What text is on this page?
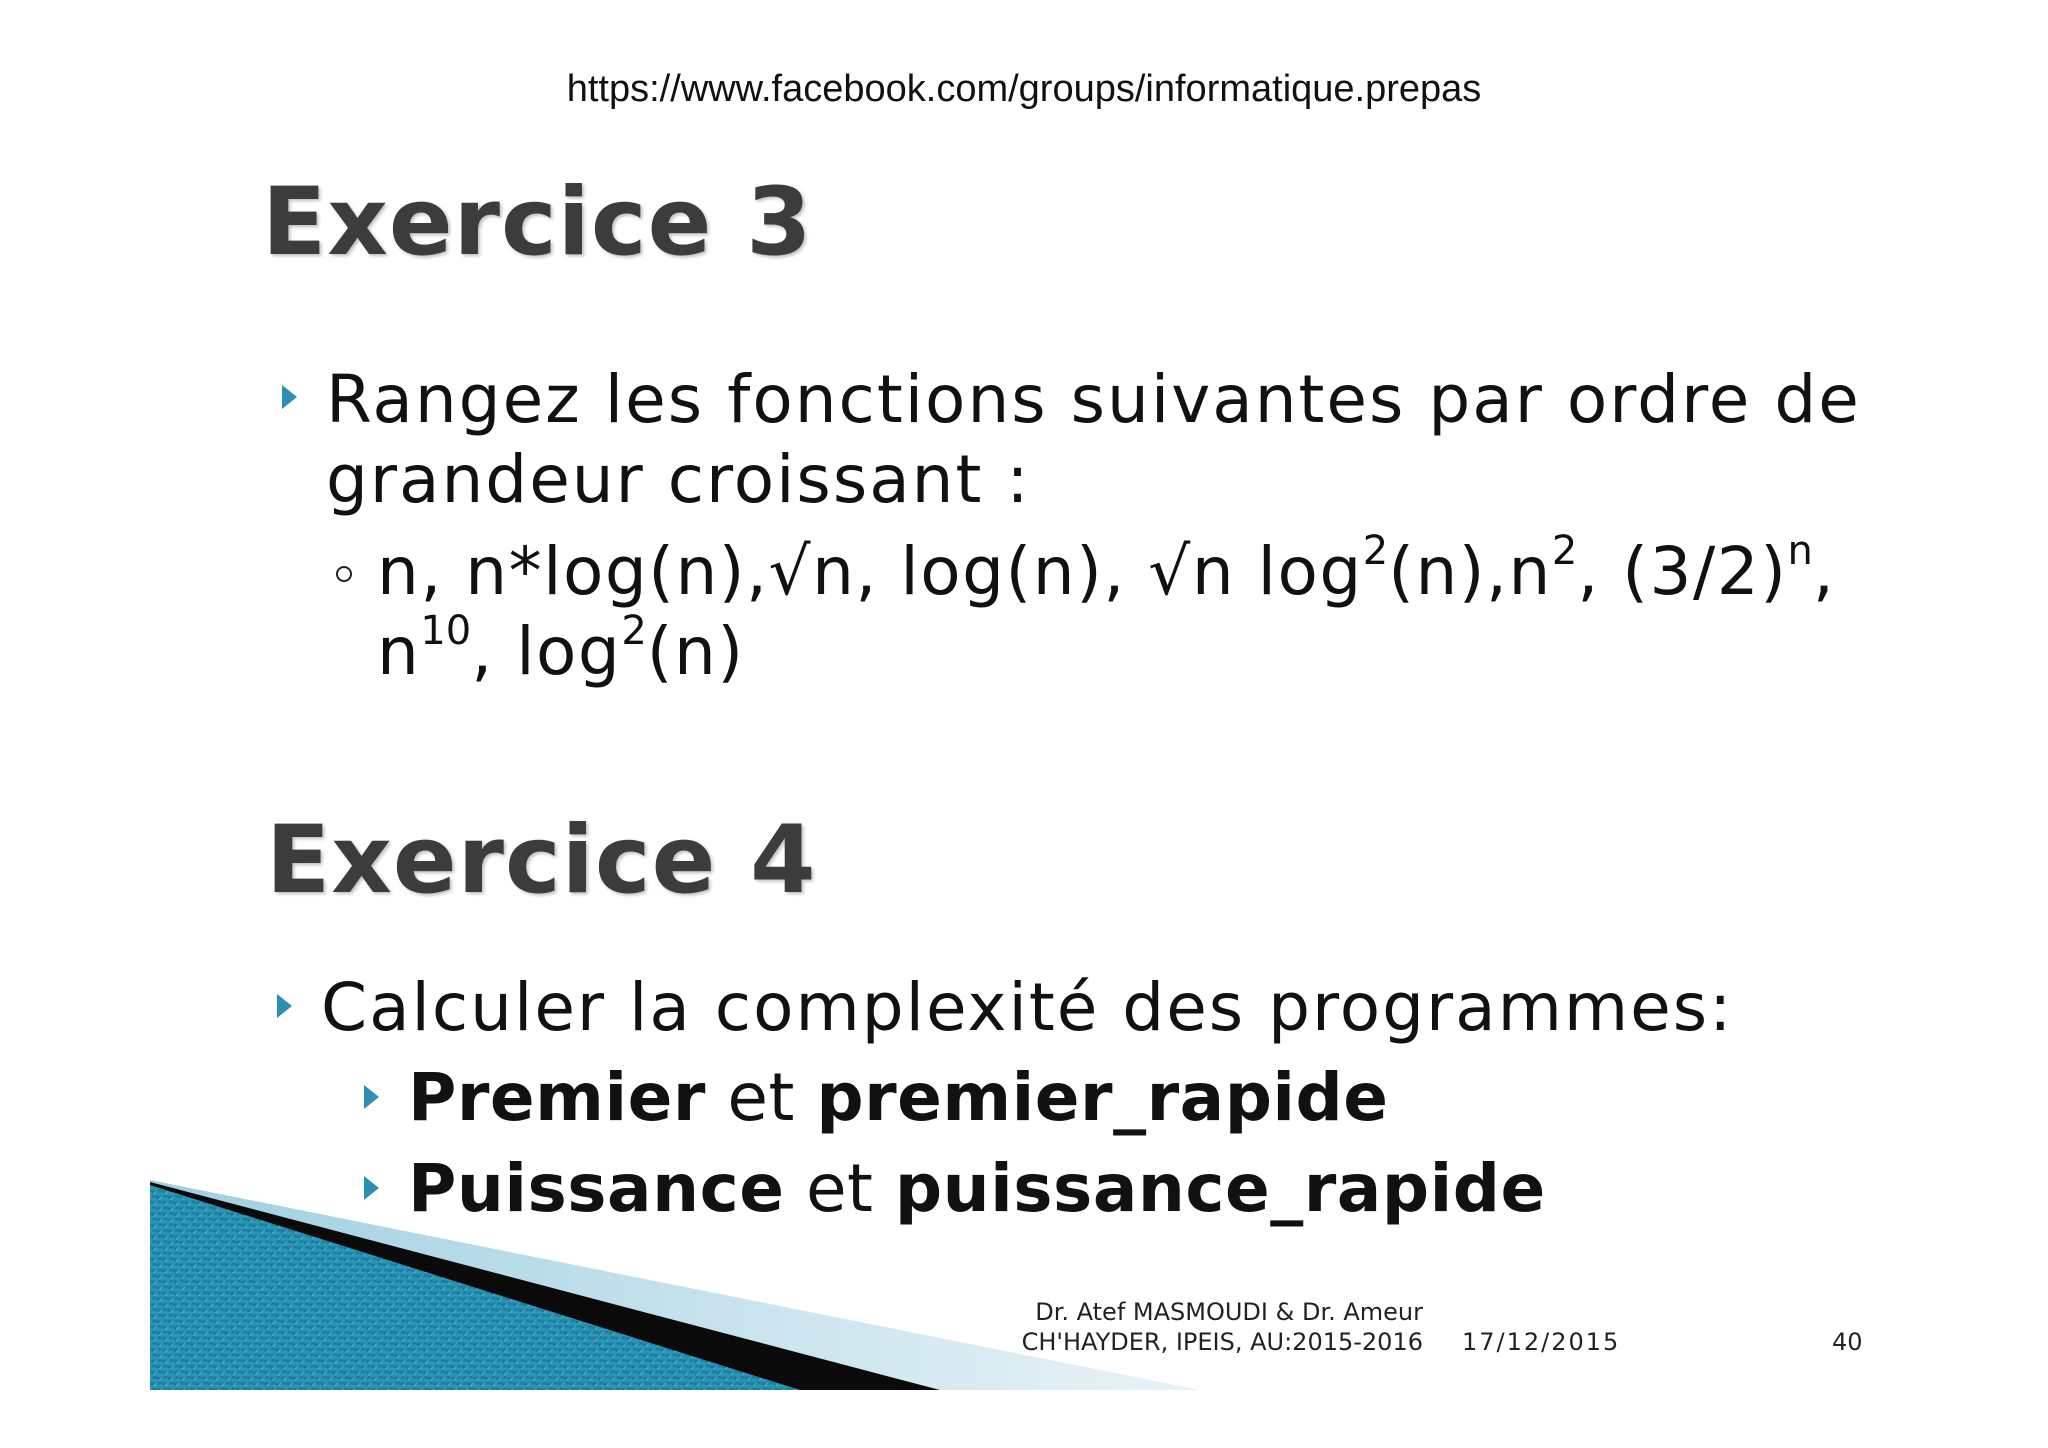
https://www.facebook.com/groups/informatique.prepas
Exercice 3
Rangez les fonctions suivantes par ordre de
grandeur croissant :
n, n*log(n),√n, log(n), √n $\log^2(n),n^2$, $(3/2)^n$,
$n^{10}$, $\log^2(n)$
Exercice 4
Calculer la complexité des programmes:
Premier et premier_rapide
Puissance et puissance_rapide
Dr. Atef MASMOUDI & Dr. Ameur
CH'HAYDER, IPEIS, AU:2015-2016 17/12/2015	40
